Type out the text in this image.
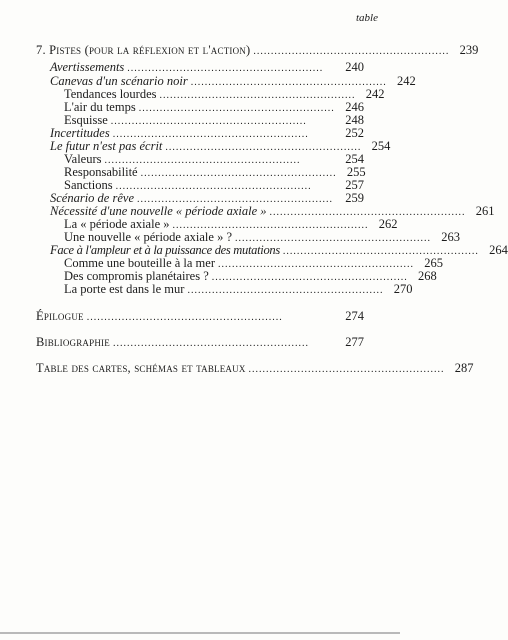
table
7. Pistes (pour la réflexion et l'action) ........................................................ 239
Avertissements ........................................................	240
Canevas d'un scénario noir ........................................................ 242
Tendances lourdes ........................................................ 242
L'air du temps ........................................................ 246
Esquisse ........................................................	248
Incertitudes ........................................................	252
Le futur n'est pas écrit ........................................................ 254
Valeurs ........................................................	254
Responsabilité ........................................................ 255
Sanctions ........................................................	257
Scénario de rêve ........................................................ 259
Nécessité d'une nouvelle « période axiale » ........................................................ 261
La « période axiale » ........................................................ 262
Une nouvelle « période axiale » ? ........................................................ 263
Face à l'ampleur et à la puissance des mutations ........................................................ 264
Comme une bouteille à la mer ........................................................ 265
Des compromis planétaires ? ........................................................ 268
La porte est dans le mur ........................................................ 270
Épilogue ........................................................	274
Bibliographie ........................................................	277
Table des cartes, schémas et tableaux ........................................................ 287
